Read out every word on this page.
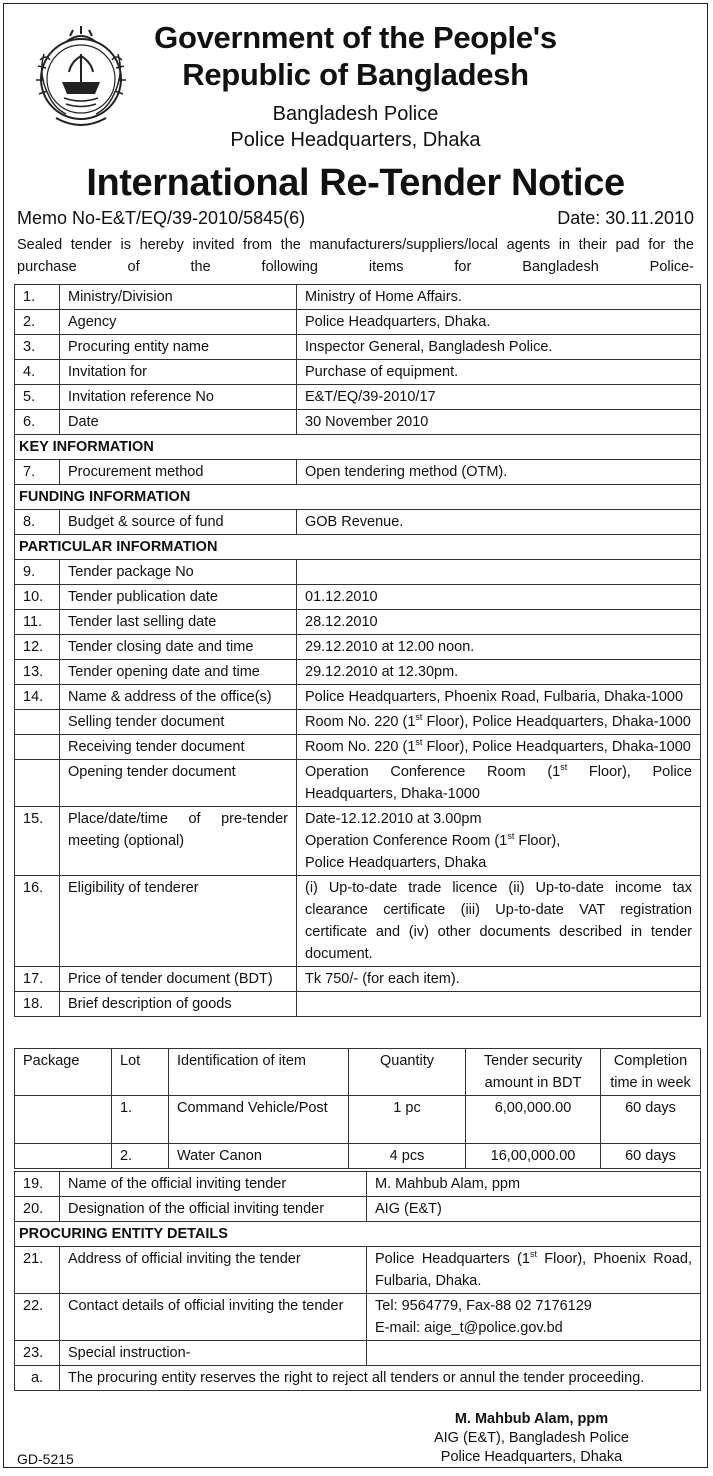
Government of the People's
Republic of Bangladesh
Bangladesh Police
Police Headquarters, Dhaka
International Re-Tender Notice
Memo No-E&T/EQ/39-2010/5845(6)	Date: 30.11.2010
Sealed tender is hereby invited from the manufacturers/suppliers/local agents in their pad for the purchase of the following items for Bangladesh Police-
1.	Ministry/Division	Ministry of Home Affairs.
2.	Agency	Police Headquarters, Dhaka.
3.	Procuring entity name	Inspector General, Bangladesh Police.
4.	Invitation for	Purchase of equipment.
5.	Invitation reference No	E&T/EQ/39-2010/17
6.	Date	30 November 2010
KEY INFORMATION		
7.	Procurement method	Open tendering method (OTM).
FUNDING INFORMATION		
8.	Budget & source of fund	GOB Revenue.
PARTICULAR INFORMATION		
9.	Tender package No	
10.	Tender publication date	01.12.2010
11.	Tender last selling date	28.12.2010
12.	Tender closing date and time	29.12.2010 at 12.00 noon.
13.	Tender opening date and time	29.12.2010 at 12.30pm.
14.	Name & address of the office(s)	Police Headquarters, Phoenix Road, Fulbaria, Dhaka-1000
	Selling tender document	Room No. 220 (1st Floor), Police Headquarters, Dhaka-1000
	Receiving tender document	Room No. 220 (1st Floor), Police Headquarters, Dhaka-1000
	Opening tender document	Operation Conference Room (1st Floor), Police Headquarters, Dhaka-1000
15.	Place/date/time of pre-tender meeting (optional)	Date-12.12.2010 at 3.00pm
Operation Conference Room (1st Floor),
Police Headquarters, Dhaka

16.	Eligibility of tenderer	(i) Up-to-date trade licence (ii) Up-to-date income tax clearance certificate (iii) Up-to-date VAT registration certificate and (iv) other documents described in tender document.
17.	Price of tender document (BDT)	Tk 750/- (for each item).
18.	Brief description of goods	
Package	Lot	Identification of item	Quantity	Tender security amount in BDT	Completion time in week
	1.	Command Vehicle/Post	1 pc	6,00,000.00	60 days
	2.	Water Canon	4 pcs	16,00,000.00	60 days
19.	Name of the official inviting tender	M. Mahbub Alam, ppm
20.	Designation of the official inviting tender	AIG (E&T)
PROCURING ENTITY DETAILS		
21.	Address of official inviting the tender	Police Headquarters (1st Floor), Phoenix Road, Fulbaria, Dhaka.
22.	Contact details of official inviting the tender	Tel: 9564779, Fax-88 02 7176129
E-mail: aige_t@police.gov.bd

23.	Special instruction-	
a.	The procuring entity reserves the right to reject all tenders or annul the tender proceeding.	
M. Mahbub Alam, ppm
AIG (E&T), Bangladesh Police
Police Headquarters, Dhaka
GD-5215
